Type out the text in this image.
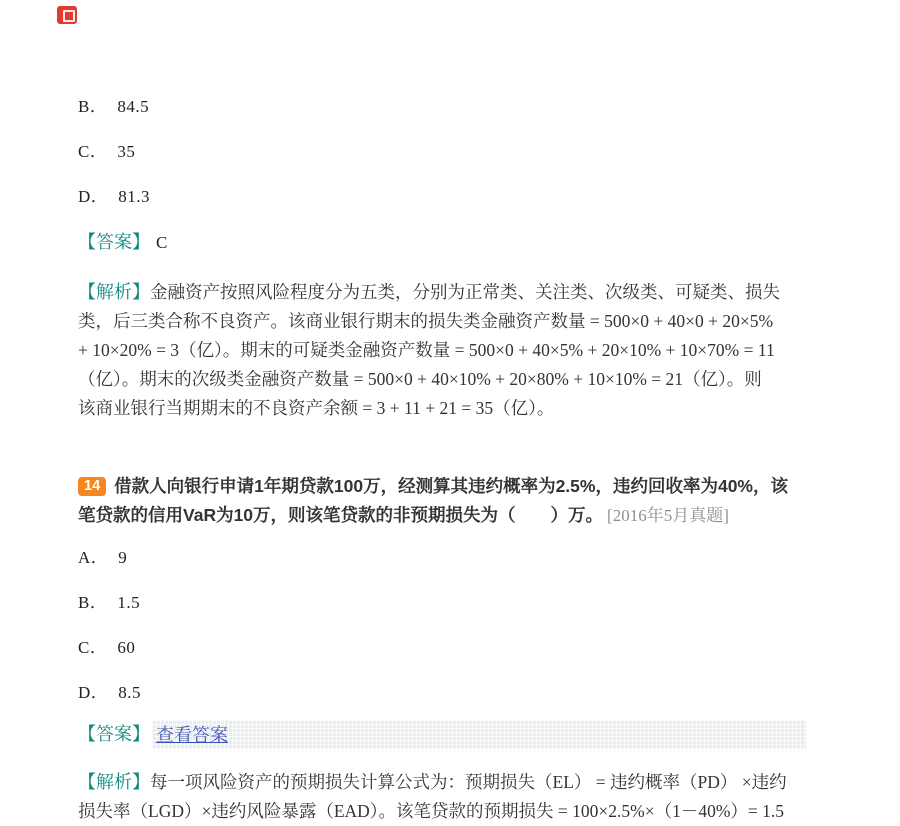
B． 84.5
C． 35
D． 81.3
【答案】 C
【解析】金融资产按照风险程度分为五类，分别为正常类、关注类、次级类、可疑类、损失
类，后三类合称不良资产。该商业银行期末的损失类金融资产数量 = 500×0 + 40×0 + 20×5%
+ 10×20% = 3（亿）。期末的可疑类金融资产数量 = 500×0 + 40×5% + 20×10% + 10×70% = 11
（亿）。期末的次级类金融资产数量 = 500×0 + 40×10% + 20×80% + 10×10% = 21（亿）。则
该商业银行当期期末的不良资产余额 = 3 + 11 + 21 = 35（亿）。
14 借款人向银行申请1年期贷款100万，经测算其违约概率为2.5%，违约回收率为40%，该
笔贷款的信用VaR为10万，则该笔贷款的非预期损失为（　　）万。 [2016年5月真题]
A． 9
B． 1.5
C． 60
D． 8.5
【答案】 查看答案
【解析】每一项风险资产的预期损失计算公式为：预期损失（EL） = 违约概率（PD） ×违约
损失率（LGD）×违约风险暴露（EAD）。该笔贷款的预期损失 = 100×2.5%×（1－40%）= 1.5
